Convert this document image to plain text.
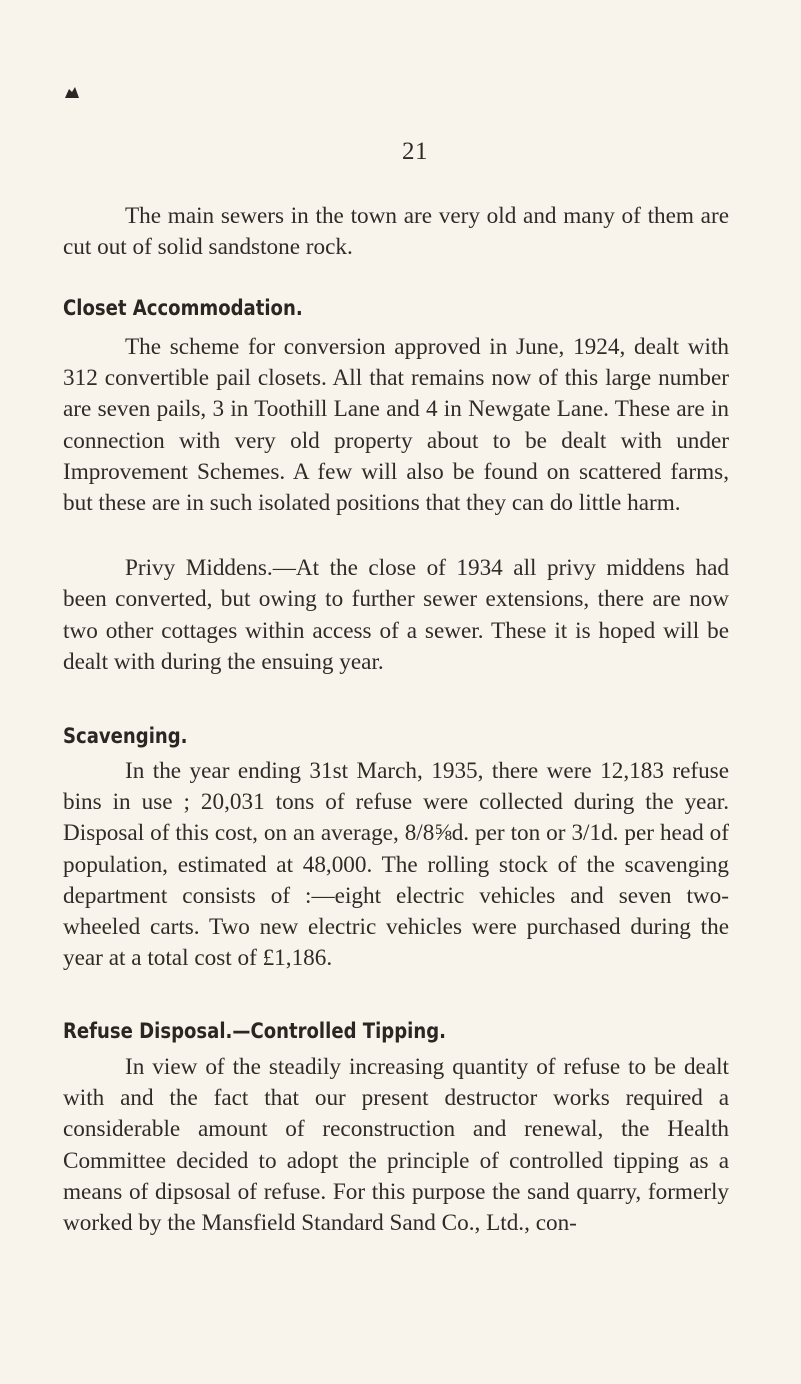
21

The main sewers in the town are very old and many of them are cut out of solid sandstone rock.

Closet Accommodation.

The scheme for conversion approved in June, 1924, dealt with 312 convertible pail closets. All that remains now of this large number are seven pails, 3 in Toothill Lane and 4 in Newgate Lane. These are in connection with very old property about to be dealt with under Improvement Schemes. A few will also be found on scattered farms, but these are in such isolated positions that they can do little harm.

Privy Middens.—At the close of 1934 all privy middens had been converted, but owing to further sewer extensions, there are now two other cottages within access of a sewer. These it is hoped will be dealt with during the ensuing year.

Scavenging.

In the year ending 31st March, 1935, there were 12,183 refuse bins in use ; 20,031 tons of refuse were collected during the year. Disposal of this cost, on an average, 8/8⅝d. per ton or 3/1d. per head of population, estimated at 48,000. The rolling stock of the scavenging department consists of :—eight electric vehicles and seven two-wheeled carts. Two new electric vehicles were purchased during the year at a total cost of £1,186.

Refuse Disposal.—Controlled Tipping.

In view of the steadily increasing quantity of refuse to be dealt with and the fact that our present destructor works required a considerable amount of reconstruction and renewal, the Health Committee decided to adopt the principle of controlled tipping as a means of dipsosal of refuse. For this purpose the sand quarry, formerly worked by the Mansfield Standard Sand Co., Ltd., con-
